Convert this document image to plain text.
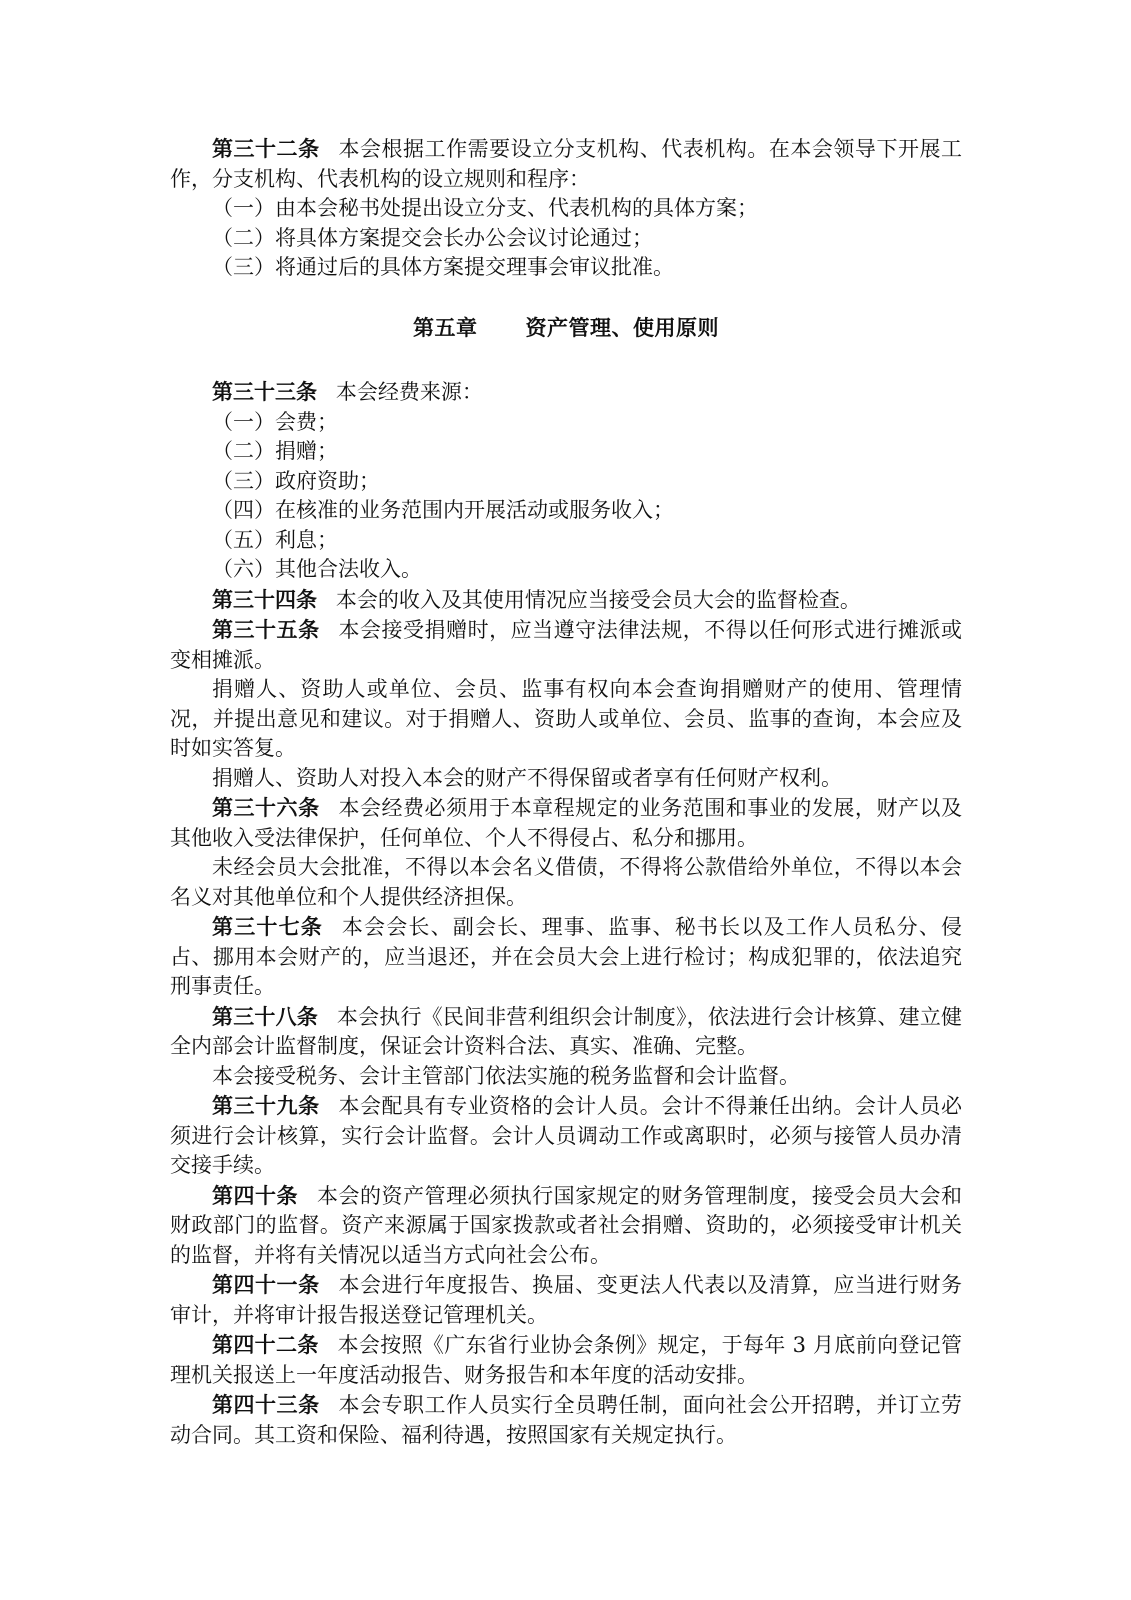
第三十二条 本会根据工作需要设立分支机构、代表机构。在本会领导下开展工作，分支机构、代表机构的设立规则和程序：

（一）由本会秘书处提出设立分支、代表机构的具体方案；

（二）将具体方案提交会长办公会议讨论通过；

（三）将通过后的具体方案提交理事会审议批准。

第五章 资产管理、使用原则

第三十三条 本会经费来源：

（一）会费；

（二）捐赠；

（三）政府资助；

（四）在核准的业务范围内开展活动或服务收入；

（五）利息；

（六）其他合法收入。

第三十四条 本会的收入及其使用情况应当接受会员大会的监督检查。

第三十五条 本会接受捐赠时，应当遵守法律法规，不得以任何形式进行摊派或变相摊派。

捐赠人、资助人或单位、会员、监事有权向本会查询捐赠财产的使用、管理情况，并提出意见和建议。对于捐赠人、资助人或单位、会员、监事的查询，本会应及时如实答复。

捐赠人、资助人对投入本会的财产不得保留或者享有任何财产权利。

第三十六条 本会经费必须用于本章程规定的业务范围和事业的发展，财产以及其他收入受法律保护，任何单位、个人不得侵占、私分和挪用。

未经会员大会批准，不得以本会名义借债，不得将公款借给外单位，不得以本会名义对其他单位和个人提供经济担保。

第三十七条 本会会长、副会长、理事、监事、秘书长以及工作人员私分、侵占、挪用本会财产的，应当退还，并在会员大会上进行检讨；构成犯罪的，依法追究刑事责任。

第三十八条 本会执行《民间非营利组织会计制度》，依法进行会计核算、建立健全内部会计监督制度，保证会计资料合法、真实、准确、完整。

本会接受税务、会计主管部门依法实施的税务监督和会计监督。

第三十九条 本会配具有专业资格的会计人员。会计不得兼任出纳。会计人员必须进行会计核算，实行会计监督。会计人员调动工作或离职时，必须与接管人员办清交接手续。

第四十条 本会的资产管理必须执行国家规定的财务管理制度，接受会员大会和财政部门的监督。资产来源属于国家拨款或者社会捐赠、资助的，必须接受审计机关的监督，并将有关情况以适当方式向社会公布。

第四十一条 本会进行年度报告、换届、变更法人代表以及清算，应当进行财务审计，并将审计报告报送登记管理机关。

第四十二条 本会按照《广东省行业协会条例》规定，于每年 3 月底前向登记管理机关报送上一年度活动报告、财务报告和本年度的活动安排。

第四十三条 本会专职工作人员实行全员聘任制，面向社会公开招聘，并订立劳动合同。其工资和保险、福利待遇，按照国家有关规定执行。
